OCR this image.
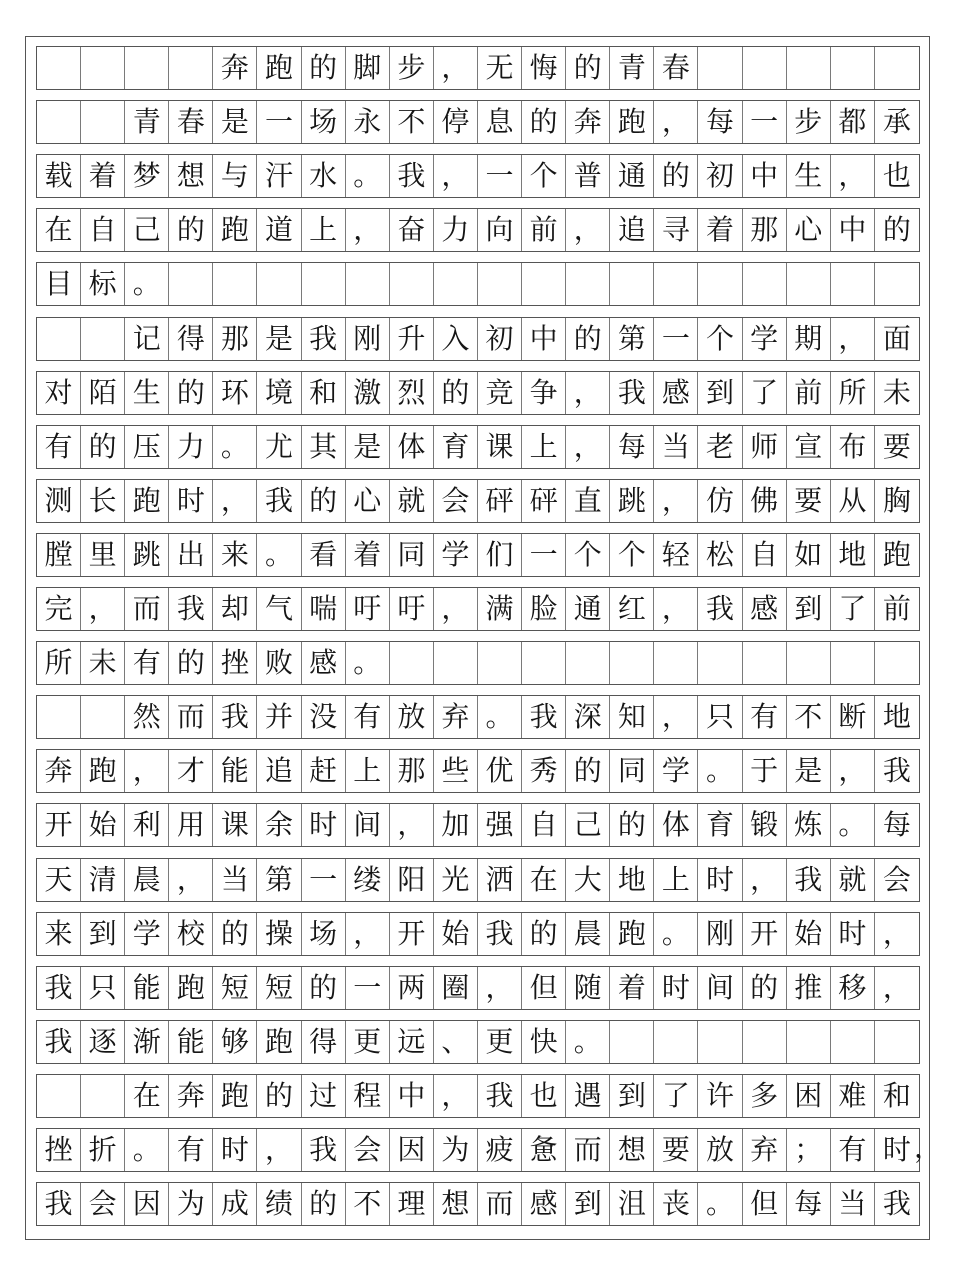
奔 跑 的 脚 步 ， 无 悔 的 青 春
青 春 是 一 场 永 不 停 息 的 奔 跑 ， 每 一 步 都 承
载 着 梦 想 与 汗 水 。 我 ， 一 个 普 通 的 初 中 生 ， 也
在 自 己 的 跑 道 上 ， 奋 力 向 前 ， 追 寻 着 那 心 中 的
目 标 。
记 得 那 是 我 刚 升 入 初 中 的 第 一 个 学 期 ， 面
对 陌 生 的 环 境 和 激 烈 的 竞 争 ， 我 感 到 了 前 所 未
有 的 压 力 。 尤 其 是 体 育 课 上 ， 每 当 老 师 宣 布 要
测 长 跑 时 ， 我 的 心 就 会 砰 砰 直 跳 ， 仿 佛 要 从 胸
膛 里 跳 出 来 。 看 着 同 学 们 一 个 个 轻 松 自 如 地 跑
完 ， 而 我 却 气 喘 吁 吁 ， 满 脸 通 红 ， 我 感 到 了 前
所 未 有 的 挫 败 感 。
然 而 我 并 没 有 放 弃 。 我 深 知 ， 只 有 不 断 地
奔 跑 ， 才 能 追 赶 上 那 些 优 秀 的 同 学 。 于 是 ， 我
开 始 利 用 课 余 时 间 ， 加 强 自 己 的 体 育 锻 炼 。 每
天 清 晨 ， 当 第 一 缕 阳 光 洒 在 大 地 上 时 ， 我 就 会
来 到 学 校 的 操 场 ， 开 始 我 的 晨 跑 。 刚 开 始 时 ，
我 只 能 跑 短 短 的 一 两 圈 ， 但 随 着 时 间 的 推 移 ，
我 逐 渐 能 够 跑 得 更 远 、 更 快 。
在 奔 跑 的 过 程 中 ， 我 也 遇 到 了 许 多 困 难 和
挫 折 。 有 时 ， 我 会 因 为 疲 惫 而 想 要 放 弃 ； 有 时
我 会 因 为 成 绩 的 不 理 想 而 感 到 沮 丧 。 但 每 当 我
，
